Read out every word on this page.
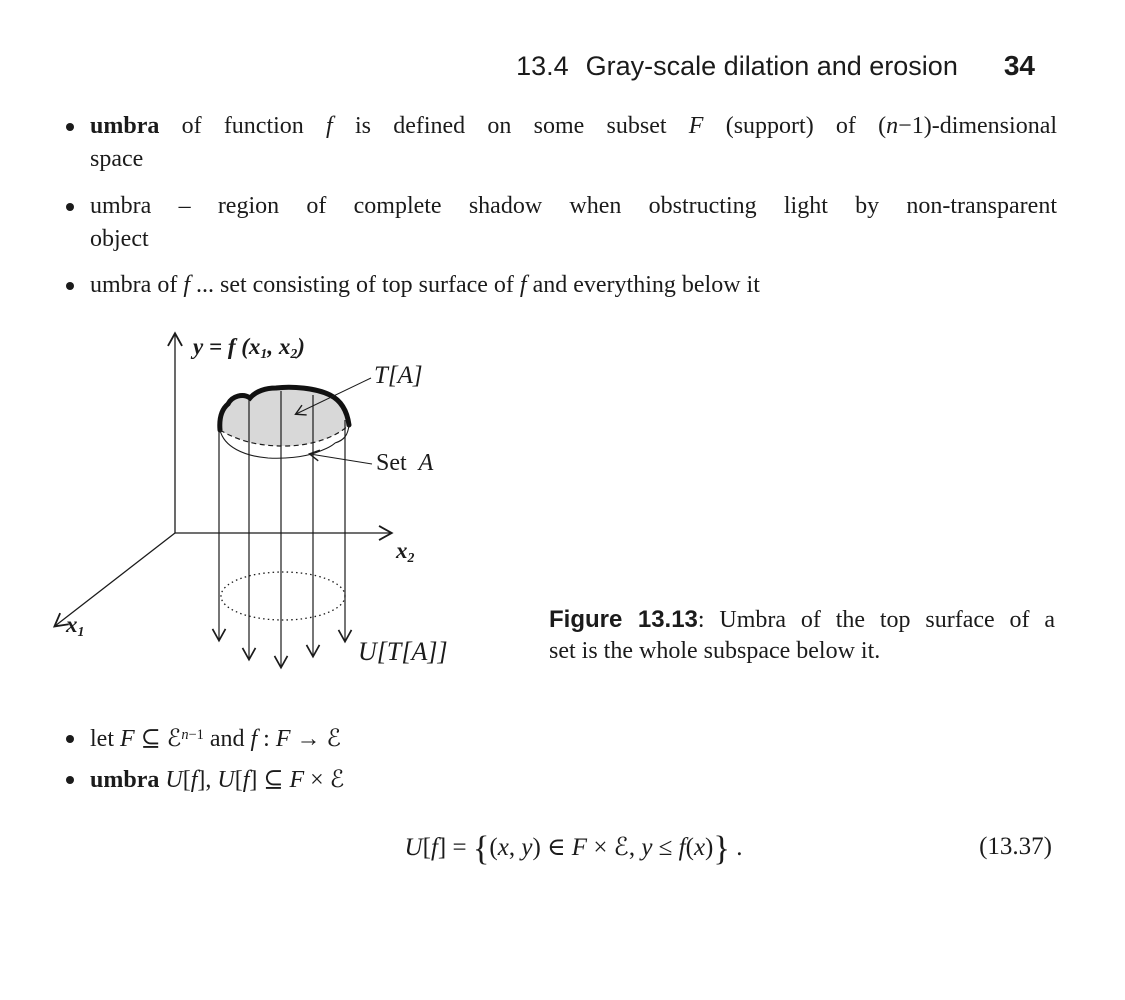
13.4 Gray-scale dilation and erosion 34
umbra of function f is defined on some subset F (support) of (n−1)-dimensional
space
umbra – region of complete shadow when obstructing light by non-transparent
object
umbra of f ... set consisting of top surface of f and everything below it
y = f ($x_1$, $x_2$)
T[A]
Set  A
$x_2$
$x_1$
U[T[A]]
Figure 13.13: Umbra of the top surface of a
set is the whole subspace below it.
let F ⊆ ℰ$^{n-1}$ and f : F → ℰ
umbra U[f], U[f] ⊆ F × ℰ
U[f] = {(x, y) ∈ F × ℰ, y ≤ f(x)} .	(13.37)
